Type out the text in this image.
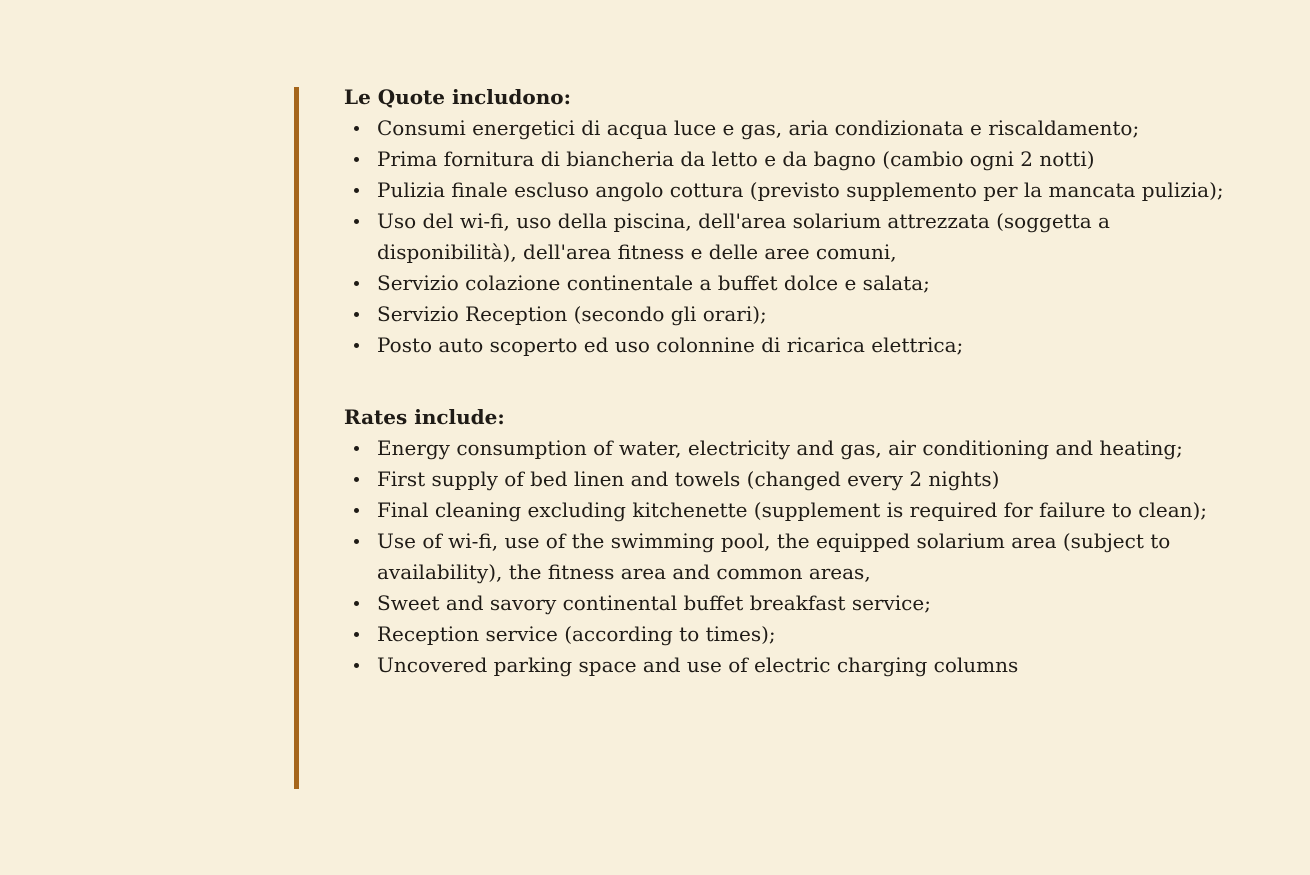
Le Quote includono:
Consumi energetici di acqua luce e gas, aria condizionata e riscaldamento;
Prima fornitura di biancheria da letto e da bagno (cambio ogni 2 notti)
Pulizia finale escluso angolo cottura (previsto supplemento per la mancata pulizia);
Uso del wi-fi, uso della piscina, dell'area solarium attrezzata (soggetta a disponibilità), dell'area fitness e delle aree comuni,
Servizio colazione continentale a buffet dolce e salata;
Servizio Reception (secondo gli orari);
Posto auto scoperto ed uso colonnine di ricarica elettrica;
Rates include:
Energy consumption of water, electricity and gas, air conditioning and heating;
First supply of bed linen and towels (changed every 2 nights)
Final cleaning excluding kitchenette (supplement is required for failure to clean);
Use of wi-fi, use of the swimming pool, the equipped solarium area (subject to availability), the fitness area and common areas,
Sweet and savory continental buffet breakfast service;
Reception service (according to times);
Uncovered parking space and use of electric charging columns
